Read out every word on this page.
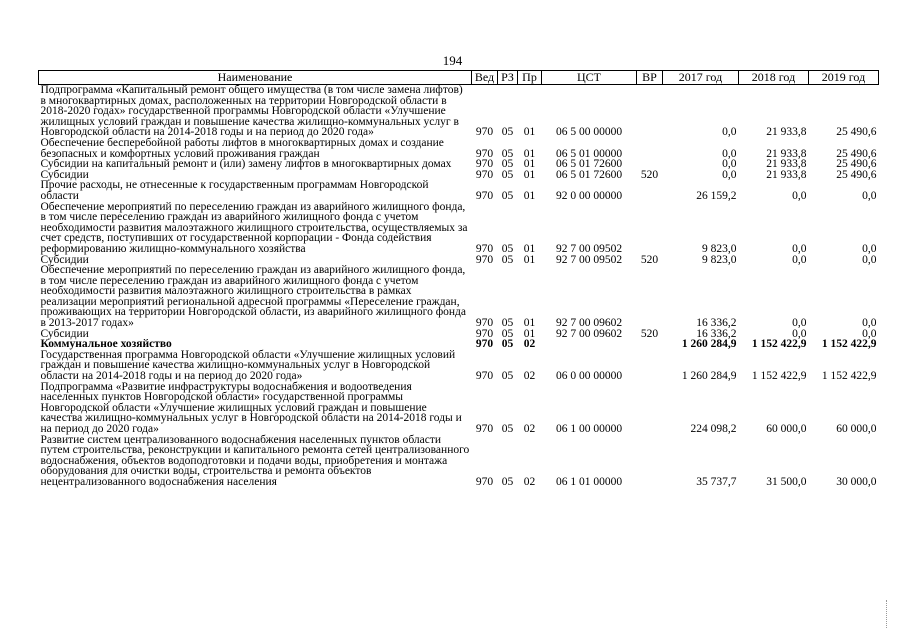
194
Наименование	Вед	РЗ	Пр	ЦСТ	ВР	2017 год	2018 год	2019 год
Подпрограмма «Капитальный ремонт общего имущества (в том числе замена лифтов) в многоквартирных домах, расположенных на территории Новгородской области в 2018-2020 годах» государственной программы Новгородской области «Улучшение жилищных условий граждан и повышение качества жилищно-коммунальных услуг в Новгородской области на 2014-2018 годы и на период до 2020 года»	970	05	01	06 5 00 00000		0,0	21 933,8	25 490,6
Обеспечение бесперебойной работы лифтов в многоквартирных домах и создание безопасных и комфортных условий проживания граждан	970	05	01	06 5 01 00000		0,0	21 933,8	25 490,6
Субсидии на капитальный ремонт и (или) замену лифтов в многоквартирных домах	970	05	01	06 5 01 72600		0,0	21 933,8	25 490,6
Субсидии	970	05	01	06 5 01 72600	520	0,0	21 933,8	25 490,6
Прочие расходы, не отнесенные к государственным программам Новгородской области	970	05	01	92 0 00 00000		26 159,2	0,0	0,0
Обеспечение мероприятий по переселению граждан из аварийного жилищного фонда, в том числе переселению граждан из аварийного жилищного фонда с учетом необходимости развития малоэтажного жилищного строительства, осуществляемых за счет средств, поступивших от государственной корпорации - Фонда содействия реформированию жилищно-коммунального хозяйства	970	05	01	92 7 00 09502		9 823,0	0,0	0,0
Субсидии	970	05	01	92 7 00 09502	520	9 823,0	0,0	0,0
Обеспечение мероприятий по переселению граждан из аварийного жилищного фонда, в том числе переселению граждан из аварийного жилищного фонда с учетом необходимости развития малоэтажного жилищного строительства в рамках реализации мероприятий региональной адресной программы «Переселение граждан, проживающих на территории Новгородской области, из аварийного жилищного фонда в 2013-2017 годах»	970	05	01	92 7 00 09602		16 336,2	0,0	0,0
Субсидии	970	05	01	92 7 00 09602	520	16 336,2	0,0	0,0
Коммунальное хозяйство	970	05	02			1 260 284,9	1 152 422,9	1 152 422,9
Государственная программа Новгородской области «Улучшение жилищных условий граждан и повышение качества жилищно-коммунальных услуг в Новгородской области на 2014-2018 годы и на период до 2020 года»	970	05	02	06 0 00 00000		1 260 284,9	1 152 422,9	1 152 422,9
Подпрограмма «Развитие инфраструктуры водоснабжения и водоотведения населенных пунктов Новгородской области» государственной программы Новгородской области «Улучшение жилищных условий граждан и повышение качества жилищно-коммунальных услуг в Новгородской области на 2014-2018 годы и на период до 2020 года»	970	05	02	06 1 00 00000		224 098,2	60 000,0	60 000,0
Развитие систем централизованного водоснабжения населенных пунктов области путем строительства, реконструкции и капитального ремонта сетей централизованного водоснабжения, объектов водоподготовки и подачи воды, приобретения и монтажа оборудования для очистки воды, строительства и ремонта объектов нецентрализованного водоснабжения населения	970	05	02	06 1 01 00000		35 737,7	31 500,0	30 000,0
